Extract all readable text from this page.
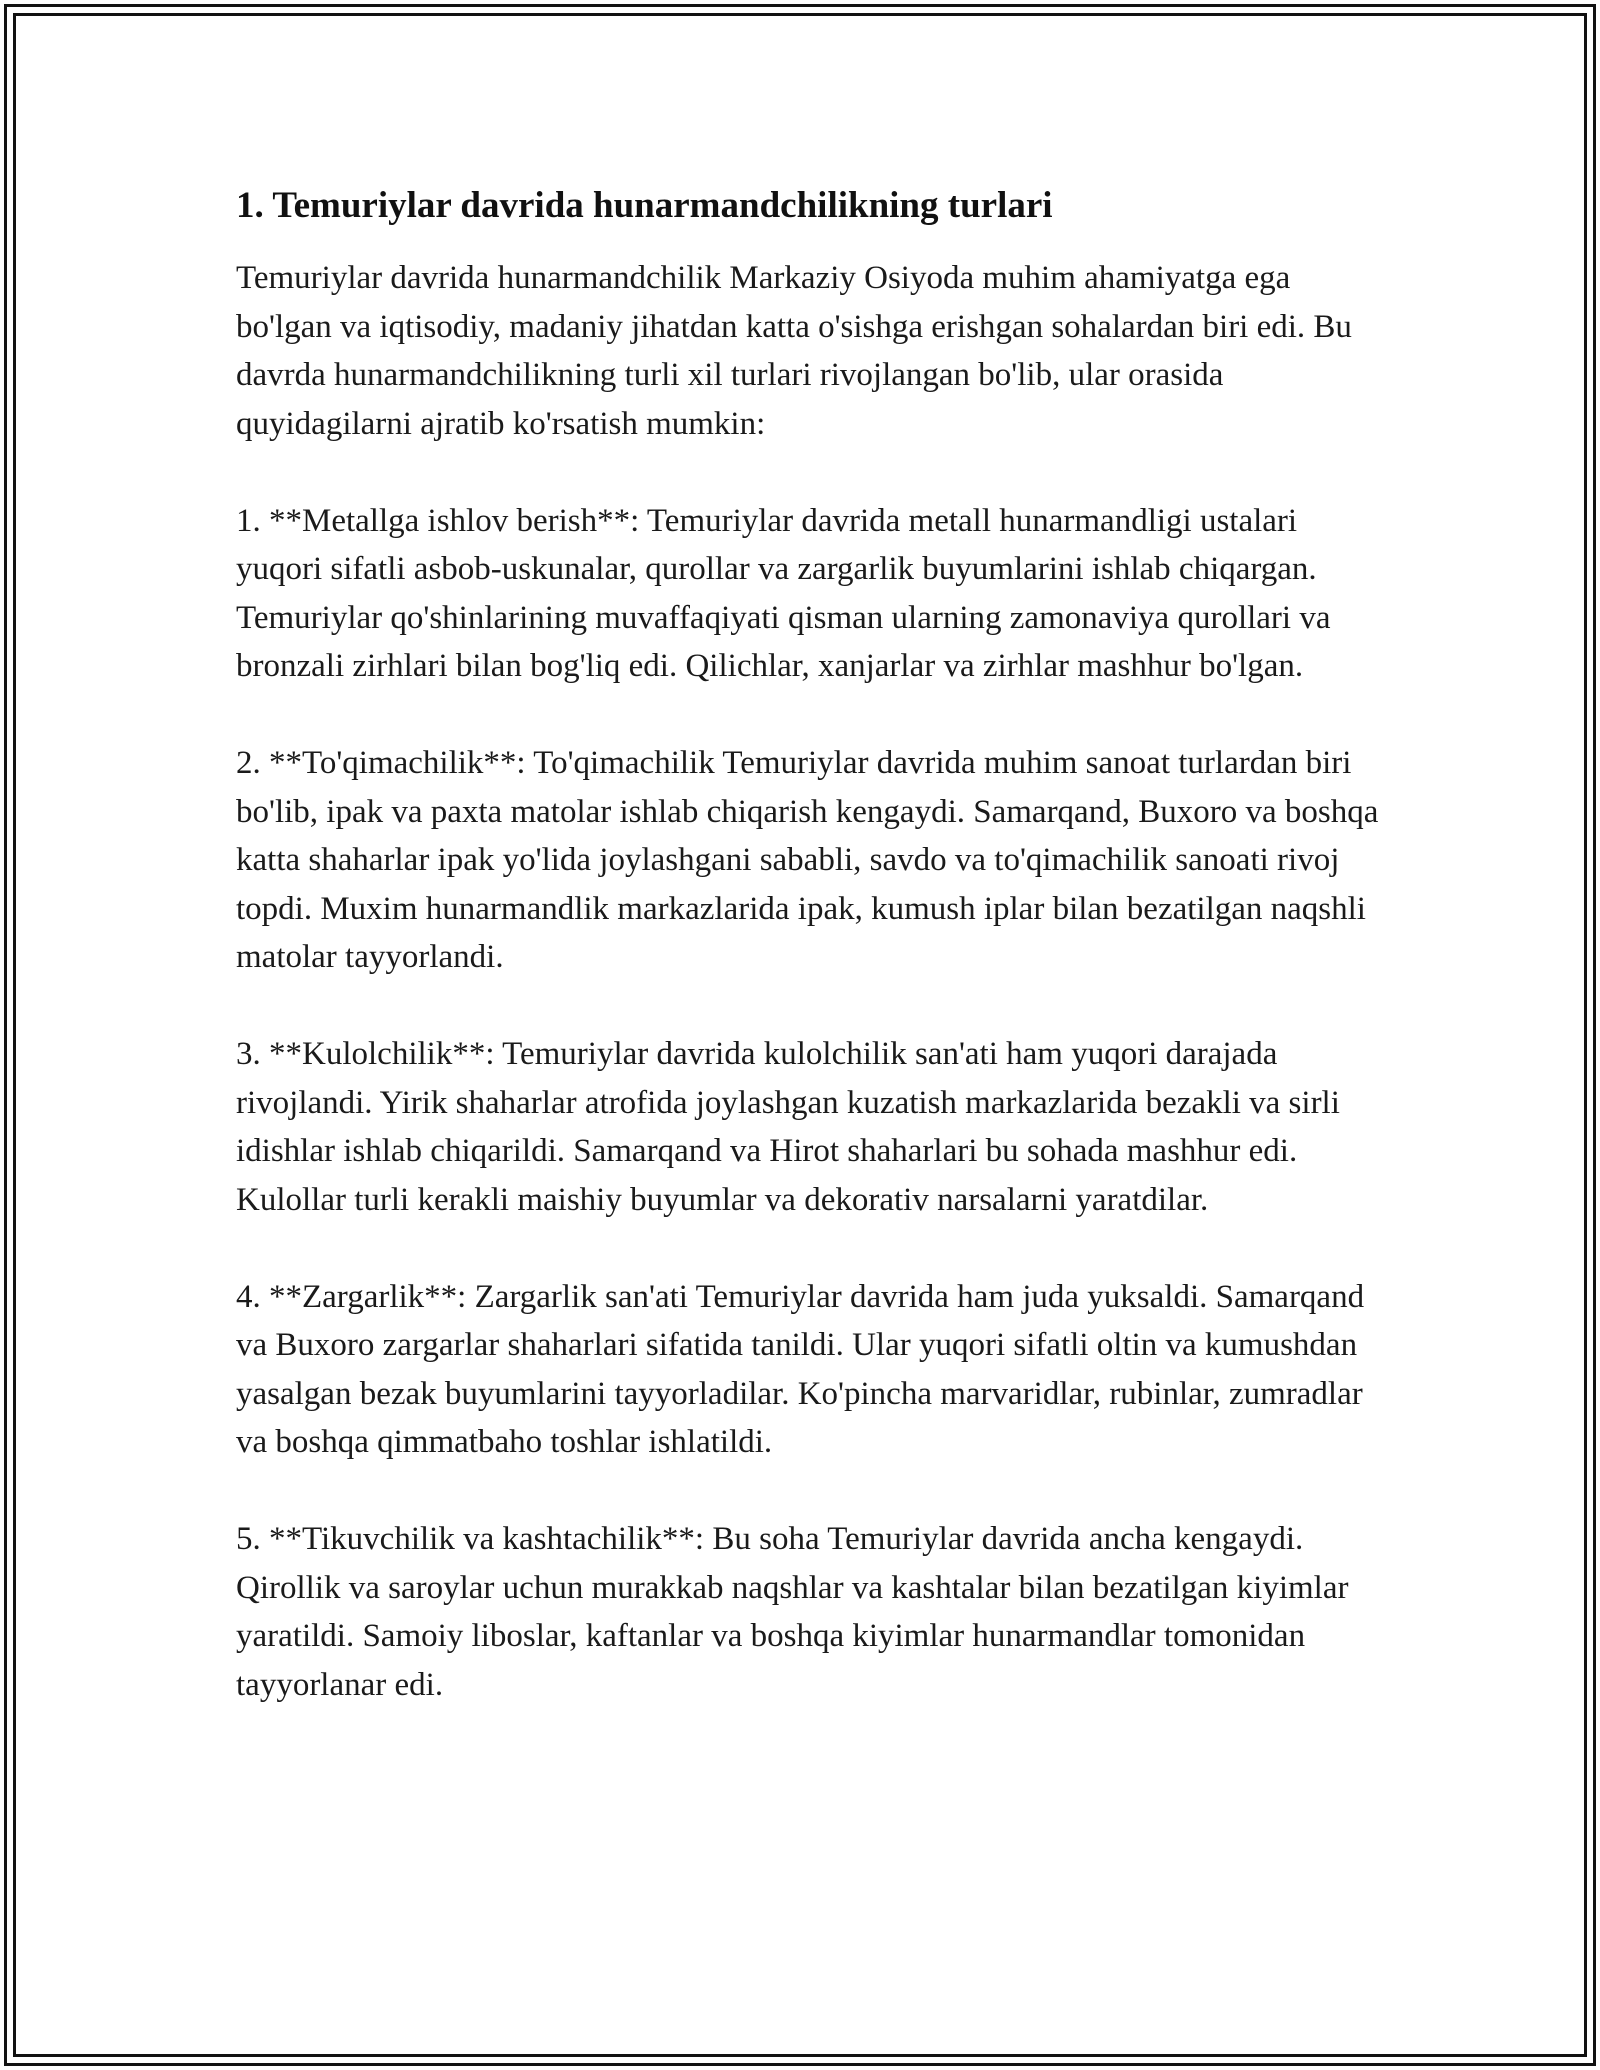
1. Temuriylar davrida hunarmandchilikning turlari

Temuriylar davrida hunarmandchilik Markaziy Osiyoda muhim ahamiyatga ega bo'lgan va iqtisodiy, madaniy jihatdan katta o'sishga erishgan sohalardan biri edi. Bu davrda hunarmandchilikning turli xil turlari rivojlangan bo'lib, ular orasida quyidagilarni ajratib ko'rsatish mumkin:

1. **Metallga ishlov berish**: Temuriylar davrida metall hunarmandligi ustalari yuqori sifatli asbob-uskunalar, qurollar va zargarlik buyumlarini ishlab chiqargan. Temuriylar qo'shinlarining muvaffaqiyati qisman ularning zamonaviya qurollari va bronzali zirhlari bilan bog'liq edi. Qilichlar, xanjarlar va zirhlar mashhur bo'lgan.

2. **To'qimachilik**: To'qimachilik Temuriylar davrida muhim sanoat turlardan biri bo'lib, ipak va paxta matolar ishlab chiqarish kengaydi. Samarqand, Buxoro va boshqa katta shaharlar ipak yo'lida joylashgani sababli, savdo va to'qimachilik sanoati rivoj topdi. Muxim hunarmandlik markazlarida ipak, kumush iplar bilan bezatilgan naqshli matolar tayyorlandi.

3. **Kulolchilik**: Temuriylar davrida kulolchilik san'ati ham yuqori darajada rivojlandi. Yirik shaharlar atrofida joylashgan kuzatish markazlarida bezakli va sirli idishlar ishlab chiqarildi. Samarqand va Hirot shaharlari bu sohada mashhur edi. Kulollar turli kerakli maishiy buyumlar va dekorativ narsalarni yaratdilar.

4. **Zargarlik**: Zargarlik san'ati Temuriylar davrida ham juda yuksaldi. Samarqand va Buxoro zargarlar shaharlari sifatida tanildi. Ular yuqori sifatli oltin va kumushdan yasalgan bezak buyumlarini tayyorladilar. Ko'pincha marvaridlar, rubinlar, zumradlar va boshqa qimmatbaho toshlar ishlatildi.

5. **Tikuvchilik va kashtachilik**: Bu soha Temuriylar davrida ancha kengaydi. Qirollik va saroylar uchun murakkab naqshlar va kashtalar bilan bezatilgan kiyimlar yaratildi. Samoiy liboslar, kaftanlar va boshqa kiyimlar hunarmandlar tomonidan tayyorlanar edi.
